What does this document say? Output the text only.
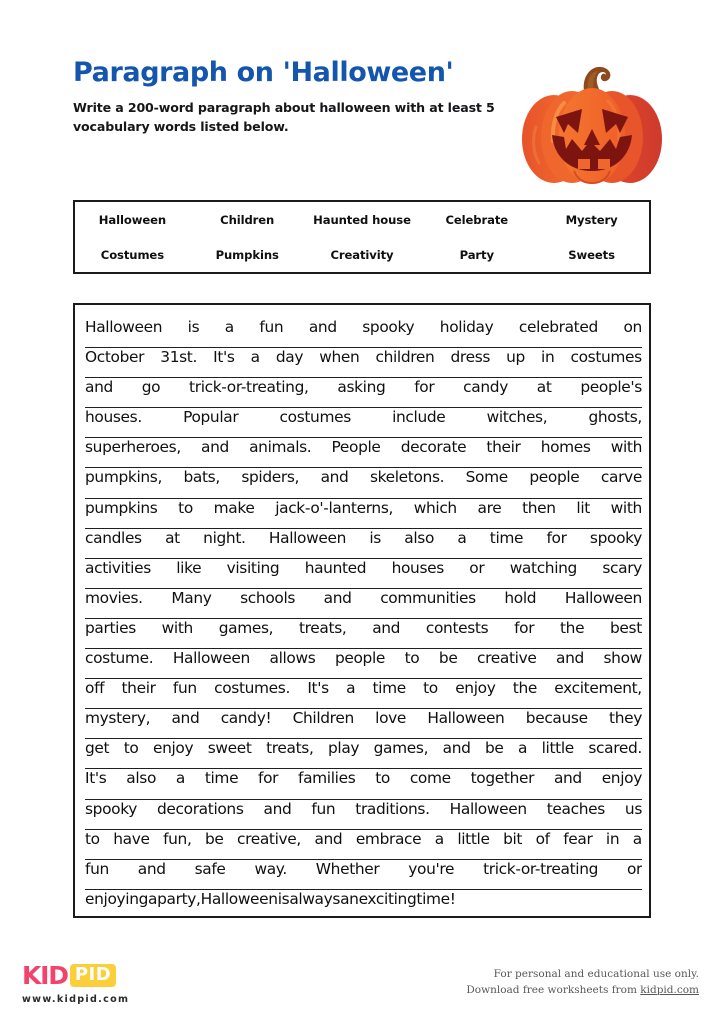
Paragraph on 'Halloween'
Write a 200-word paragraph about halloween with at least 5 vocabulary words listed below.
Halloween	Children	Haunted house	Celebrate	Mystery
Costumes	Pumpkins	Creativity	Party	Sweets
Halloween is a fun and spooky holiday celebrated on
October 31st. It's a day when children dress up in costumes
and go trick-or-treating, asking for candy at people's
houses.	Popular	costumes	include	witches,	ghosts,
superheroes, and animals. People decorate their homes with
pumpkins, bats, spiders, and skeletons. Some people carve
pumpkins to make jack-o'-lanterns, which are then lit with
candles at night. Halloween is also a time for spooky
activities like visiting haunted houses or watching scary
movies. Many schools and communities hold Halloween
parties with games, treats, and contests for the best
costume. Halloween allows people to be creative and show
off their fun costumes. It's a time to enjoy the excitement,
mystery, and candy! Children love Halloween because they
get to enjoy sweet treats, play games, and be a little scared.
It's also a time for families to come together and enjoy
spooky decorations and fun traditions. Halloween teaches us
to have fun, be creative, and embrace a little bit of fear in a
fun and safe way. Whether you're trick-or-treating or
enjoying a party, Halloween is always an exciting time!
KID PID
www.kidpid.com
For personal and educational use only.
Download free worksheets from kidpid.com
